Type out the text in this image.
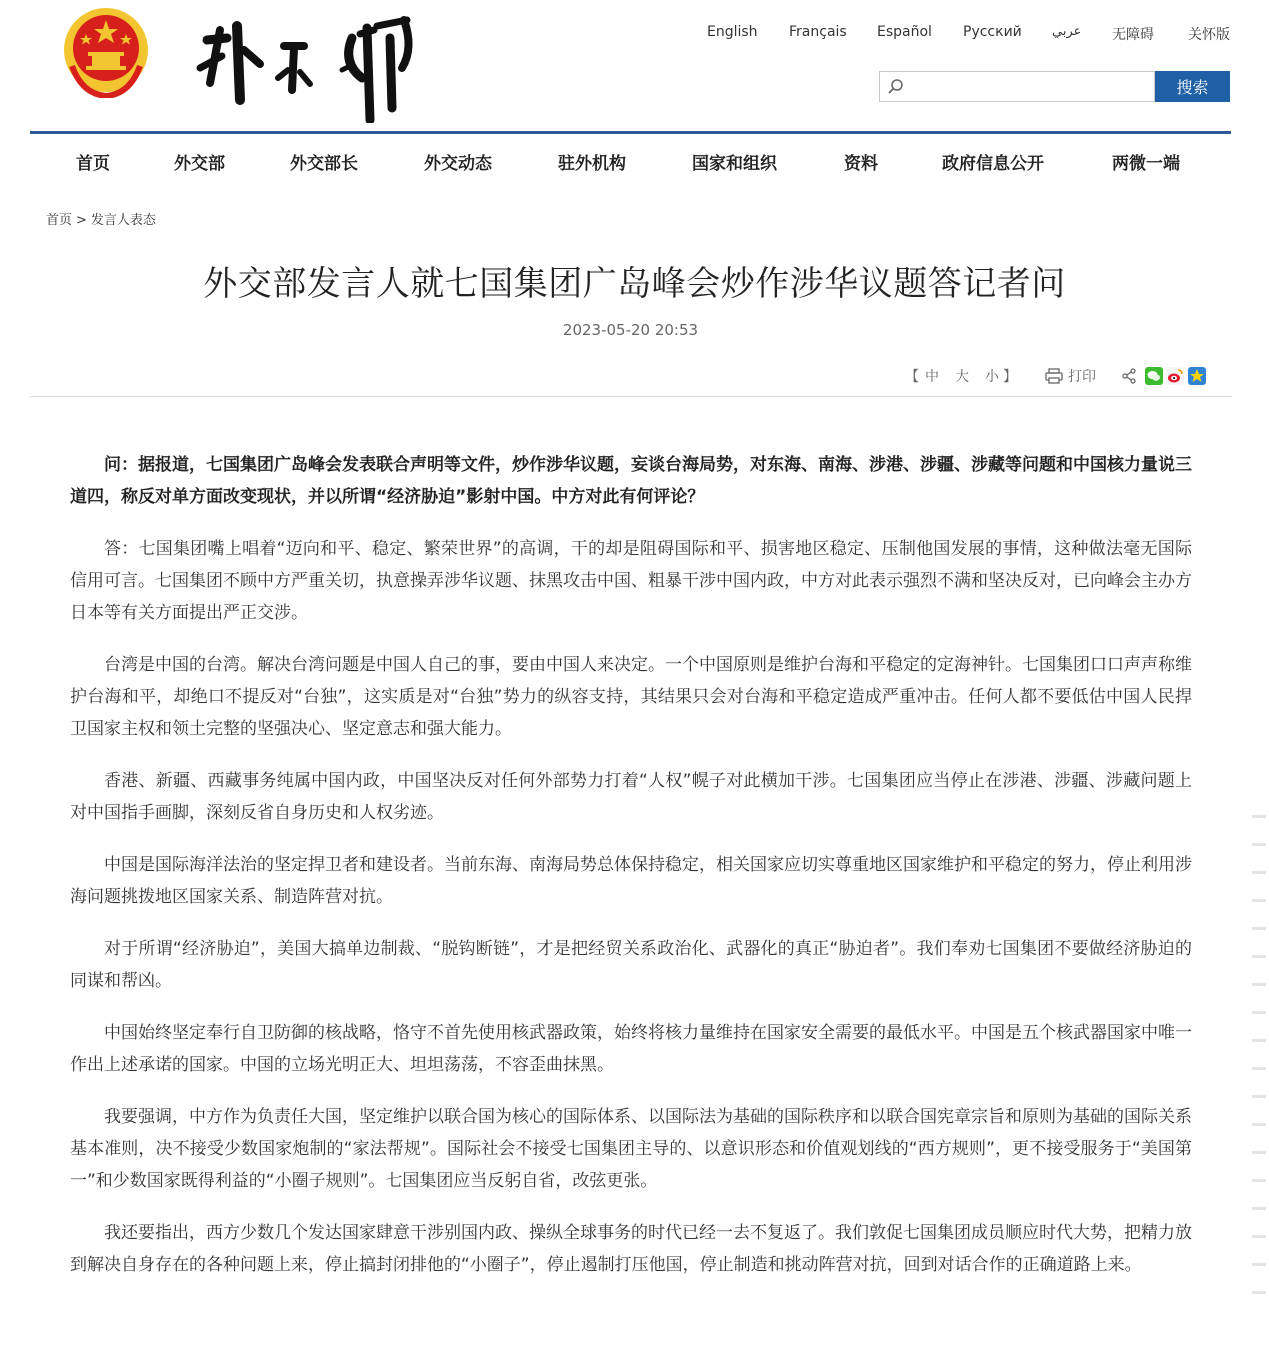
English Français Español Русский عربي 无障碍 关怀版
搜索
首页	外交部	外交部长	外交动态	驻外机构	国家和组织	资料	政府信息公开	两微一端
首页 > 发言人表态
外交部发言人就七国集团广岛峰会炒作涉华议题答记者问
2023-05-20 20:53
【 中 大 小 】	打印

问：据报道，七国集团广岛峰会发表联合声明等文件，炒作涉华议题，妄谈台海局势，对东海、南海、涉港、涉疆、涉藏等问题和中国核力量说三道四，称反对单方面改变现状，并以所谓“经济胁迫”影射中国。中方对此有何评论？

答：七国集团嘴上唱着“迈向和平、稳定、繁荣世界”的高调，干的却是阻碍国际和平、损害地区稳定、压制他国发展的事情，这种做法毫无国际信用可言。七国集团不顾中方严重关切，执意操弄涉华议题、抹黑攻击中国、粗暴干涉中国内政，中方对此表示强烈不满和坚决反对，已向峰会主办方日本等有关方面提出严正交涉。

台湾是中国的台湾。解决台湾问题是中国人自己的事，要由中国人来决定。一个中国原则是维护台海和平稳定的定海神针。七国集团口口声声称维护台海和平，却绝口不提反对“台独”，这实质是对“台独”势力的纵容支持，其结果只会对台海和平稳定造成严重冲击。任何人都不要低估中国人民捍卫国家主权和领土完整的坚强决心、坚定意志和强大能力。

香港、新疆、西藏事务纯属中国内政，中国坚决反对任何外部势力打着“人权”幌子对此横加干涉。七国集团应当停止在涉港、涉疆、涉藏问题上对中国指手画脚，深刻反省自身历史和人权劣迹。

中国是国际海洋法治的坚定捍卫者和建设者。当前东海、南海局势总体保持稳定，相关国家应切实尊重地区国家维护和平稳定的努力，停止利用涉海问题挑拨地区国家关系、制造阵营对抗。

对于所谓“经济胁迫”，美国大搞单边制裁、“脱钩断链”，才是把经贸关系政治化、武器化的真正“胁迫者”。我们奉劝七国集团不要做经济胁迫的同谋和帮凶。

中国始终坚定奉行自卫防御的核战略，恪守不首先使用核武器政策，始终将核力量维持在国家安全需要的最低水平。中国是五个核武器国家中唯一作出上述承诺的国家。中国的立场光明正大、坦坦荡荡，不容歪曲抹黑。

我要强调，中方作为负责任大国，坚定维护以联合国为核心的国际体系、以国际法为基础的国际秩序和以联合国宪章宗旨和原则为基础的国际关系基本准则，决不接受少数国家炮制的“家法帮规”。国际社会不接受七国集团主导的、以意识形态和价值观划线的“西方规则”，更不接受服务于“美国第一”和少数国家既得利益的“小圈子规则”。七国集团应当反躬自省，改弦更张。

我还要指出，西方少数几个发达国家肆意干涉别国内政、操纵全球事务的时代已经一去不复返了。我们敦促七国集团成员顺应时代大势，把精力放到解决自身存在的各种问题上来，停止搞封闭排他的“小圈子”，停止遏制打压他国，停止制造和挑动阵营对抗，回到对话合作的正确道路上来。
